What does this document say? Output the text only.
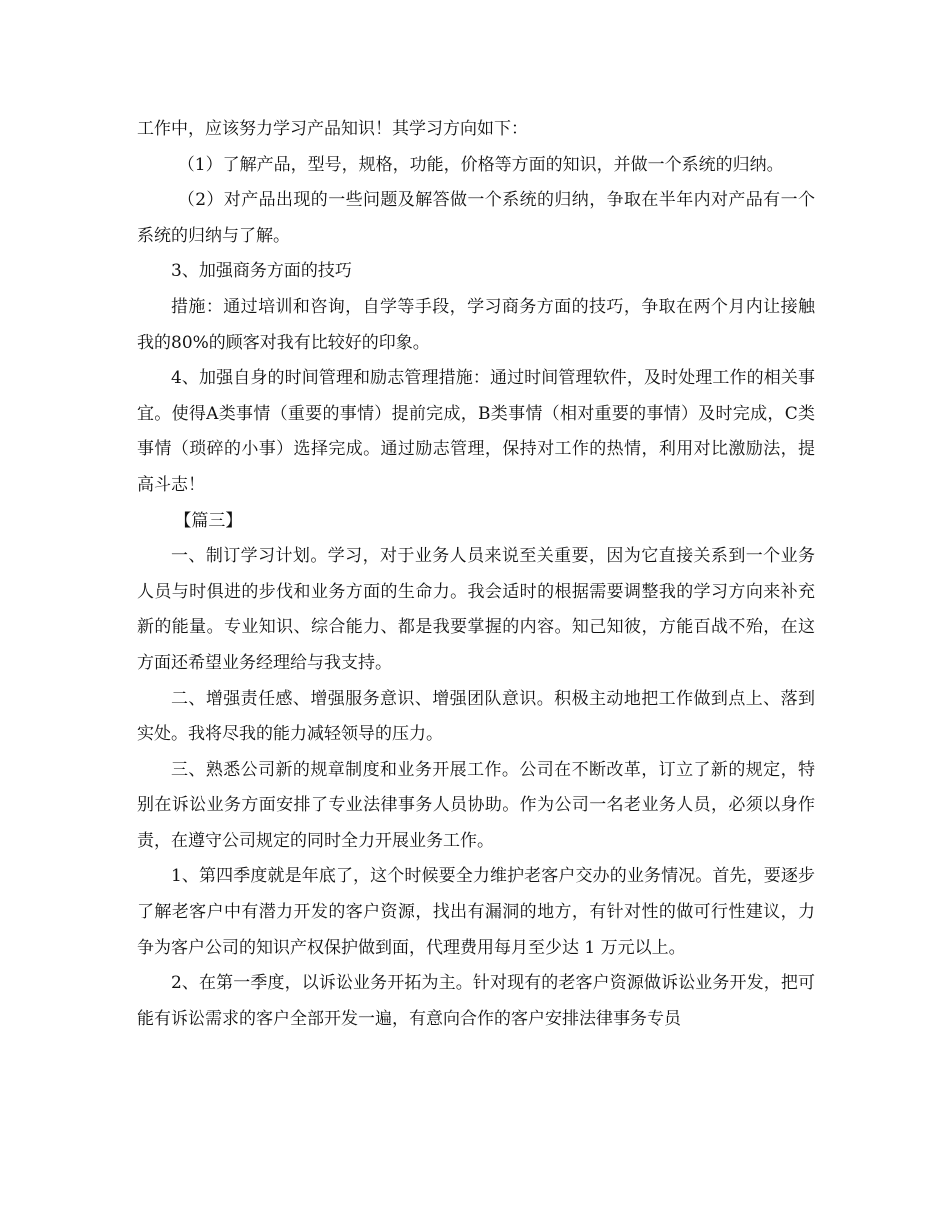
工作中，应该努力学习产品知识！其学习方向如下：

（1）了解产品，型号，规格，功能，价格等方面的知识，并做一个系统的归纳。

（2）对产品出现的一些问题及解答做一个系统的归纳，争取在半年内对产品有一个系统的归纳与了解。

3、加强商务方面的技巧

措施：通过培训和咨询，自学等手段，学习商务方面的技巧，争取在两个月内让接触我的80%的顾客对我有比较好的印象。

4、加强自身的时间管理和励志管理措施：通过时间管理软件，及时处理工作的相关事宜。使得A类事情（重要的事情）提前完成，B类事情（相对重要的事情）及时完成，C类事情（琐碎的小事）选择完成。通过励志管理，保持对工作的热情，利用对比激励法，提高斗志！

【篇三】

一、制订学习计划。学习，对于业务人员来说至关重要，因为它直接关系到一个业务人员与时俱进的步伐和业务方面的生命力。我会适时的根据需要调整我的学习方向来补充新的能量。专业知识、综合能力、都是我要掌握的内容。知己知彼，方能百战不殆，在这方面还希望业务经理给与我支持。

二、增强责任感、增强服务意识、增强团队意识。积极主动地把工作做到点上、落到实处。我将尽我的能力减轻领导的压力。

三、熟悉公司新的规章制度和业务开展工作。公司在不断改革，订立了新的规定，特别在诉讼业务方面安排了专业法律事务人员协助。作为公司一名老业务人员，必须以身作责，在遵守公司规定的同时全力开展业务工作。

1、第四季度就是年底了，这个时候要全力维护老客户交办的业务情况。首先，要逐步了解老客户中有潜力开发的客户资源，找出有漏洞的地方，有针对性的做可行性建议，力争为客户公司的知识产权保护做到面，代理费用每月至少达 1 万元以上。

2、在第一季度，以诉讼业务开拓为主。针对现有的老客户资源做诉讼业务开发，把可能有诉讼需求的客户全部开发一遍，有意向合作的客户安排法律事务专员
